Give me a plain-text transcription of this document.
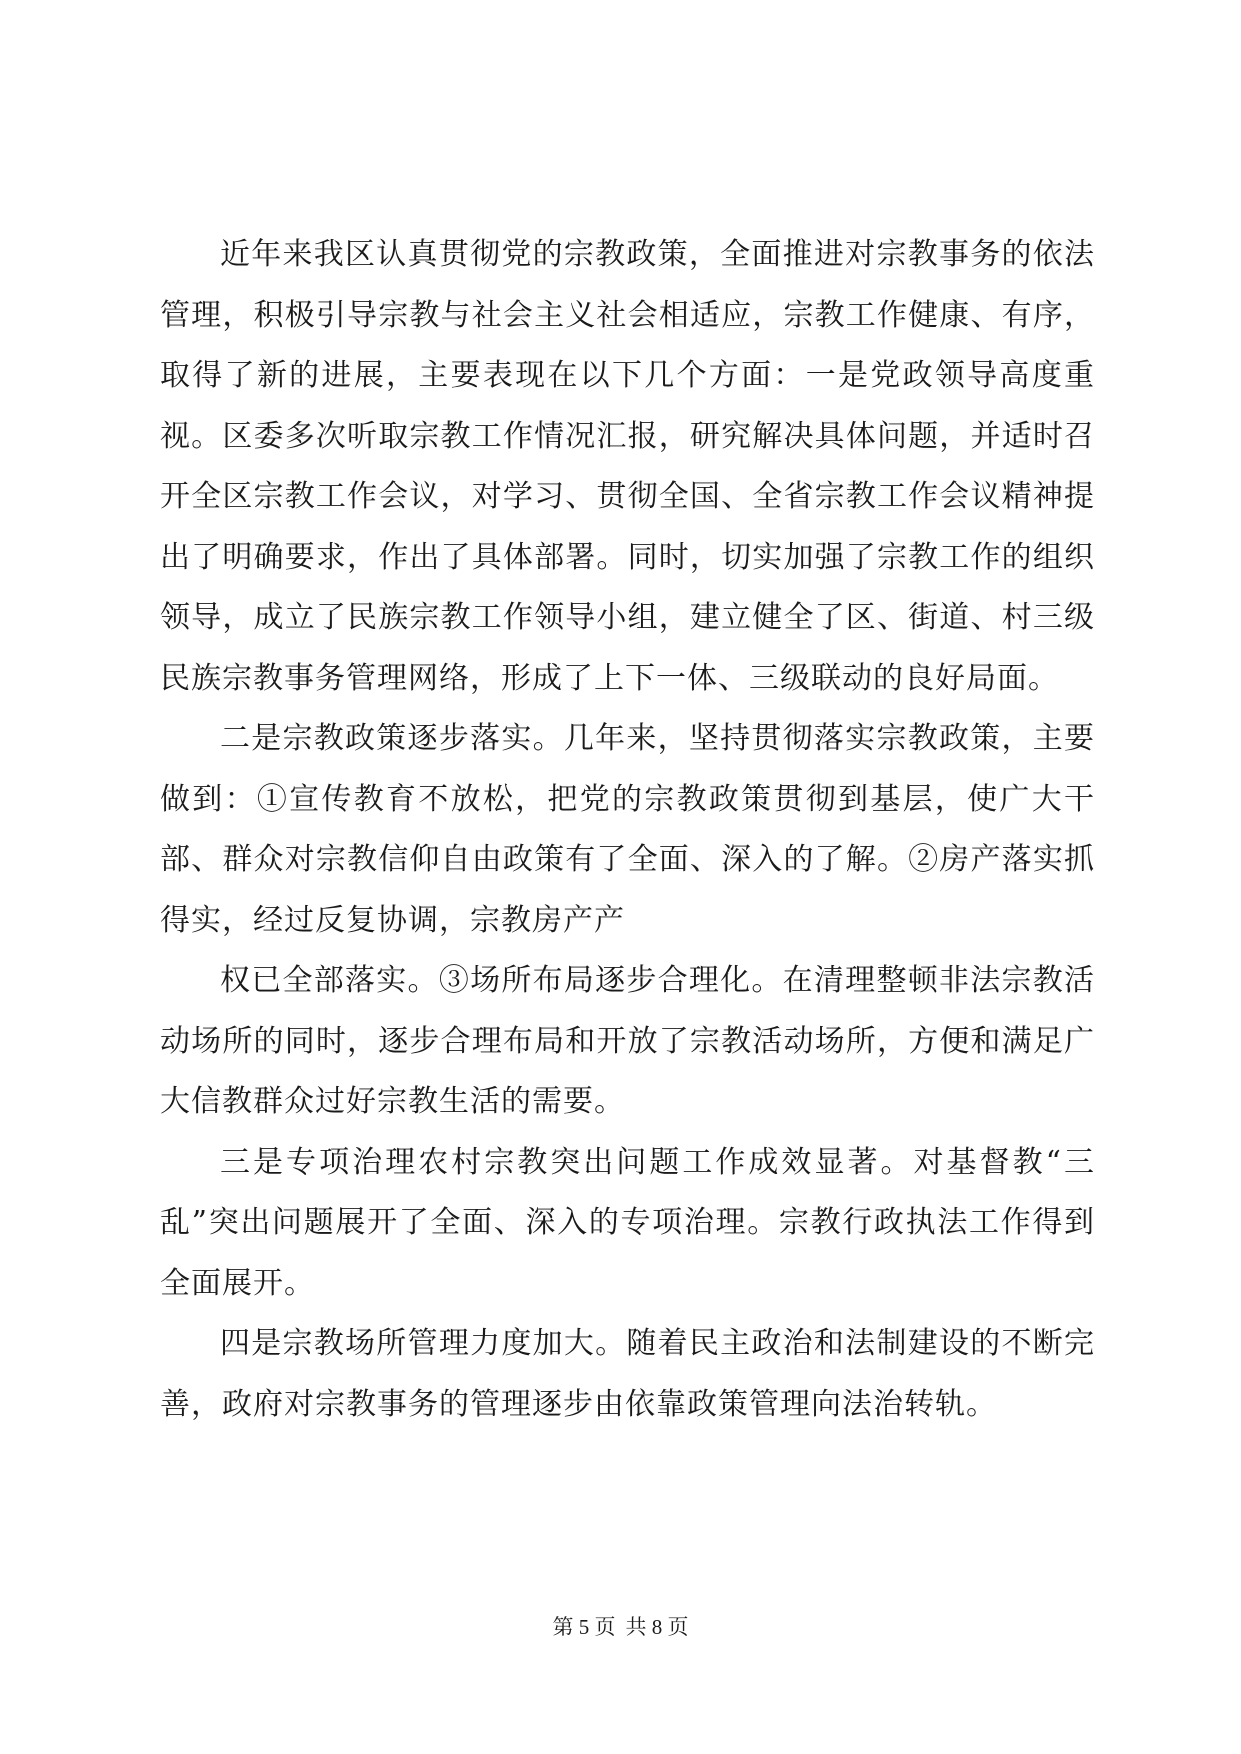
近年来我区认真贯彻党的宗教政策，全面推进对宗教事务的依法管理，积极引导宗教与社会主义社会相适应，宗教工作健康、有序，取得了新的进展，主要表现在以下几个方面：一是党政领导高度重视。区委多次听取宗教工作情况汇报，研究解决具体问题，并适时召开全区宗教工作会议，对学习、贯彻全国、全省宗教工作会议精神提出了明确要求，作出了具体部署。同时，切实加强了宗教工作的组织领导，成立了民族宗教工作领导小组，建立健全了区、街道、村三级民族宗教事务管理网络，形成了上下一体、三级联动的良好局面。

二是宗教政策逐步落实。几年来，坚持贯彻落实宗教政策，主要做到：①宣传教育不放松，把党的宗教政策贯彻到基层，使广大干部、群众对宗教信仰自由政策有了全面、深入的了解。②房产落实抓得实，经过反复协调，宗教房产产

权已全部落实。③场所布局逐步合理化。在清理整顿非法宗教活动场所的同时，逐步合理布局和开放了宗教活动场所，方便和满足广大信教群众过好宗教生活的需要。

三是专项治理农村宗教突出问题工作成效显著。对基督教“三乱”突出问题展开了全面、深入的专项治理。宗教行政执法工作得到全面展开。

四是宗教场所管理力度加大。随着民主政治和法制建设的不断完善，政府对宗教事务的管理逐步由依靠政策管理向法治转轨。

第 5 页 共 8 页
